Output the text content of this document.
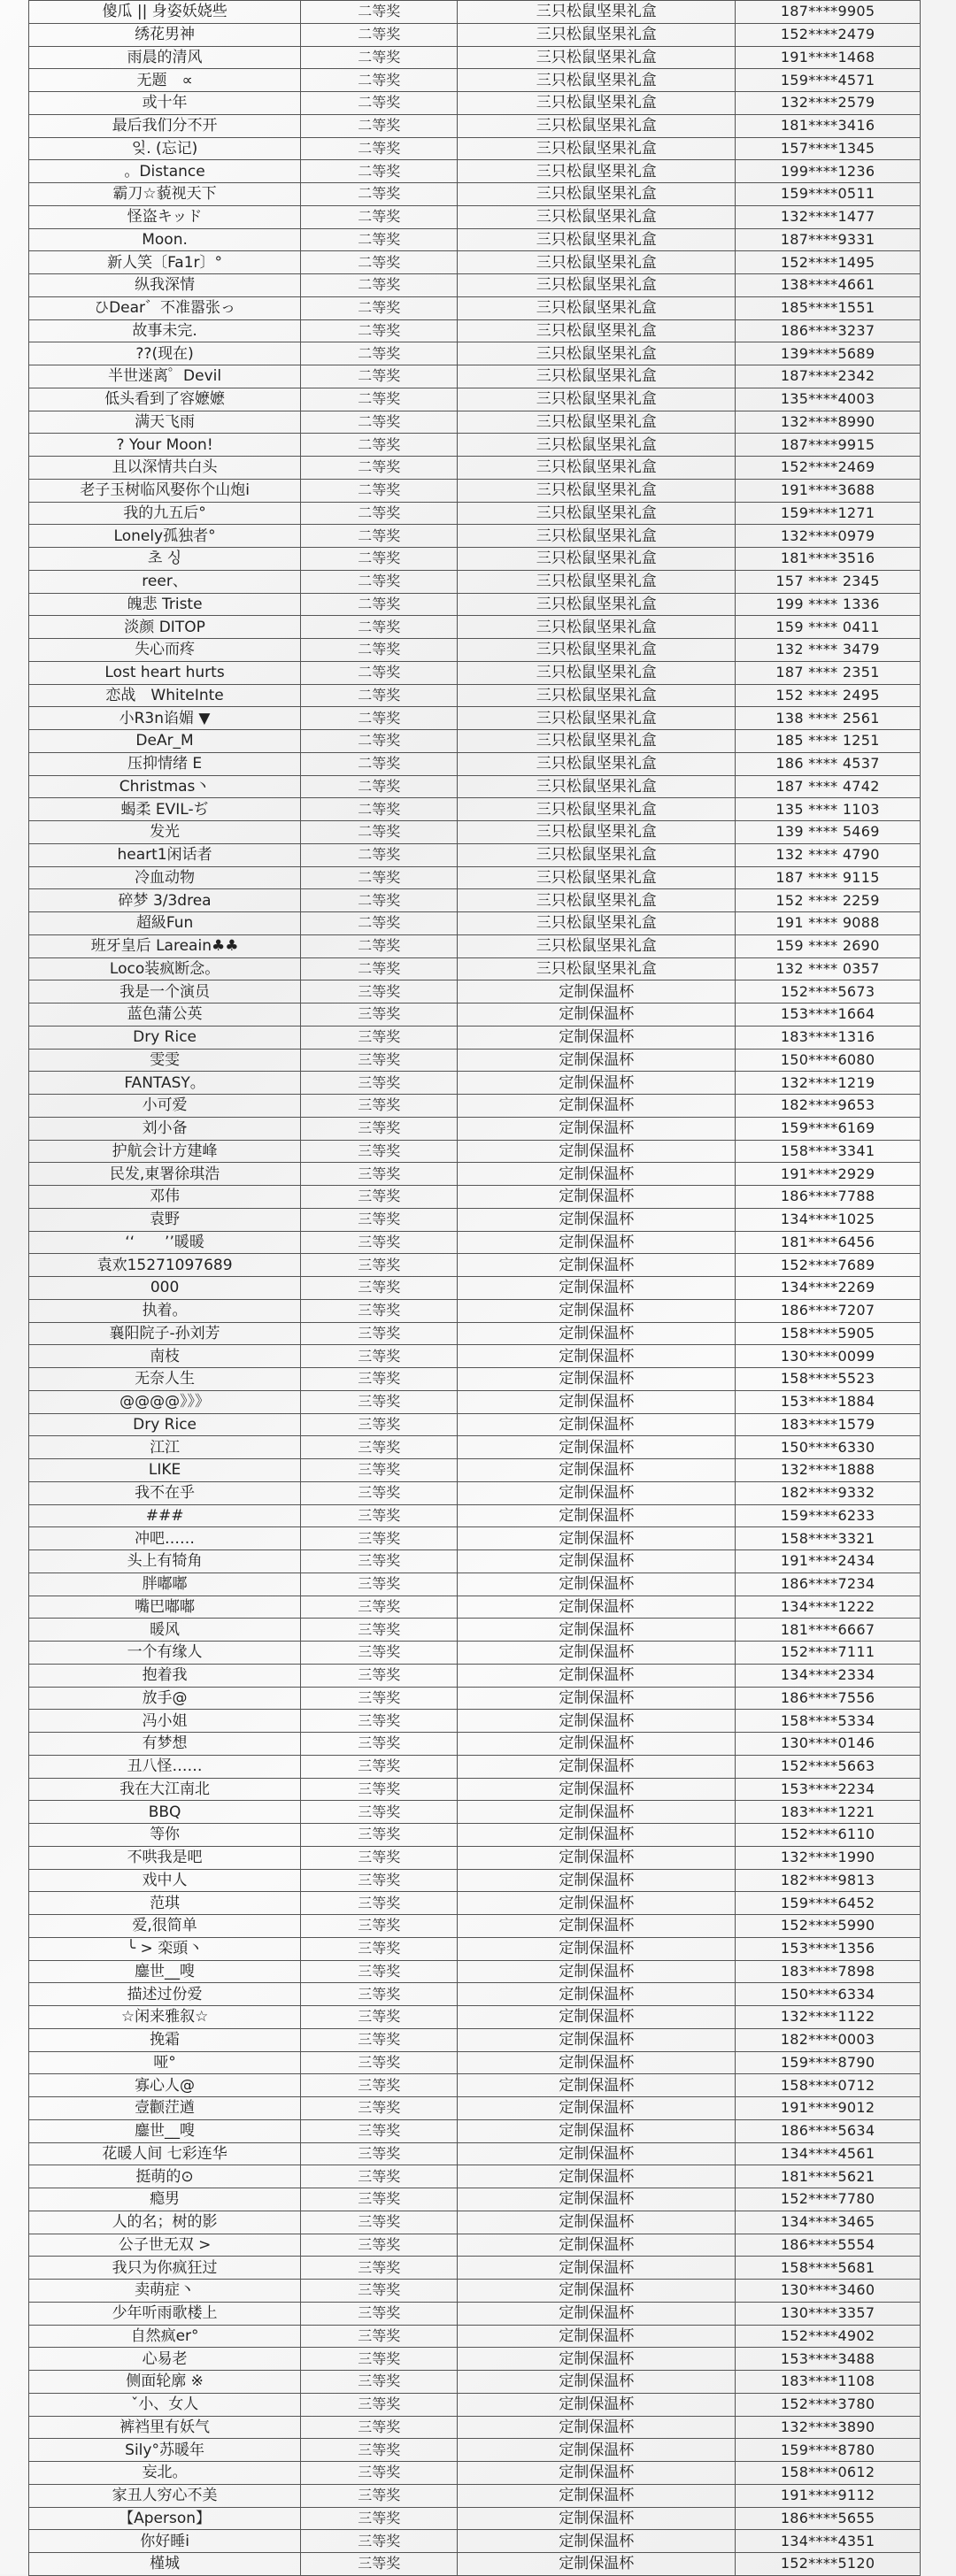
傻瓜 || 身姿妖娆些	二等奖	三只松鼠坚果礼盒	187****9905
绣花男神	二等奖	三只松鼠坚果礼盒	152****2479
雨晨的清风	二等奖	三只松鼠坚果礼盒	191****1468
无题　∝	二等奖	三只松鼠坚果礼盒	159****4571
或十年	二等奖	三只松鼠坚果礼盒	132****2579
最后我们分不开	二等奖	三只松鼠坚果礼盒	181****3416
잊. (忘记)	二等奖	三只松鼠坚果礼盒	157****1345
。Distance	二等奖	三只松鼠坚果礼盒	199****1236
霸刀☆藐视天下	二等奖	三只松鼠坚果礼盒	159****0511
怪盗キッド	二等奖	三只松鼠坚果礼盒	132****1477
Moon.	二等奖	三只松鼠坚果礼盒	187****9331
新人笑〔Fa1r〕°	二等奖	三只松鼠坚果礼盒	152****1495
纵我深情	二等奖	三只松鼠坚果礼盒	138****4661
ひDear゛不准嚣张っ	二等奖	三只松鼠坚果礼盒	185****1551
故事未完.	二等奖	三只松鼠坚果礼盒	186****3237
??(现在)	二等奖	三只松鼠坚果礼盒	139****5689
半世迷离゜Devil	二等奖	三只松鼠坚果礼盒	187****2342
低头看到了容嬷嬷	二等奖	三只松鼠坚果礼盒	135****4003
满天飞雨	二等奖	三只松鼠坚果礼盒	132****8990
? Your Moon!	二等奖	三只松鼠坚果礼盒	187****9915
且以深情共白头	二等奖	三只松鼠坚果礼盒	152****2469
老子玉树临风娶你个山炮i	二等奖	三只松鼠坚果礼盒	191****3688
我的九五后°	二等奖	三只松鼠坚果礼盒	159****1271
Lonely孤独者°	二等奖	三只松鼠坚果礼盒	132****0979
초 싱	二等奖	三只松鼠坚果礼盒	181****3516
reer、	二等奖	三只松鼠坚果礼盒	157 **** 2345
魄悲 Triste	二等奖	三只松鼠坚果礼盒	199 **** 1336
淡颜 DITOP	二等奖	三只松鼠坚果礼盒	159 **** 0411
失心而疼	二等奖	三只松鼠坚果礼盒	132 **** 3479
Lost heart hurts	二等奖	三只松鼠坚果礼盒	187 **** 2351
恋战　WhiteInte	二等奖	三只松鼠坚果礼盒	152 **** 2495
小R3n谄媚 ▼	二等奖	三只松鼠坚果礼盒	138 **** 2561
DeAr_M	二等奖	三只松鼠坚果礼盒	185 **** 1251
压抑情绪 E	二等奖	三只松鼠坚果礼盒	186 **** 4537
Christmas丶	二等奖	三只松鼠坚果礼盒	187 **** 4742
蝎柔 EVIL-ぢ	二等奖	三只松鼠坚果礼盒	135 **** 1103
发光	二等奖	三只松鼠坚果礼盒	139 **** 5469
heart1闲话者	二等奖	三只松鼠坚果礼盒	132 **** 4790
冷血动物	二等奖	三只松鼠坚果礼盒	187 **** 9115
碎梦 3/3drea	二等奖	三只松鼠坚果礼盒	152 **** 2259
超級Fun	二等奖	三只松鼠坚果礼盒	191 **** 9088
班牙皇后 Lareain♣♣	二等奖	三只松鼠坚果礼盒	159 **** 2690
Loco装疯断念。	二等奖	三只松鼠坚果礼盒	132 **** 0357
我是一个演员	三等奖	定制保温杯	152****5673
蓝色蒲公英	三等奖	定制保温杯	153****1664
Dry Rice	三等奖	定制保温杯	183****1316
雯雯	三等奖	定制保温杯	150****6080
FANTASY。	三等奖	定制保温杯	132****1219
小可爱	三等奖	定制保温杯	182****9653
刘小备	三等奖	定制保温杯	159****6169
护航会计方建峰	三等奖	定制保温杯	158****3341
民发,東署徐琪浩	三等奖	定制保温杯	191****2929
邓伟	三等奖	定制保温杯	186****7788
袁野	三等奖	定制保温杯	134****1025
‘‘　　’’暖暖	三等奖	定制保温杯	181****6456
袁欢15271097689	三等奖	定制保温杯	152****7689
000	三等奖	定制保温杯	134****2269
执着。	三等奖	定制保温杯	186****7207
襄阳院子-孙刘芳	三等奖	定制保温杯	158****5905
南枝	三等奖	定制保温杯	130****0099
无奈人生	三等奖	定制保温杯	158****5523
@@@@》》》	三等奖	定制保温杯	153****1884
Dry Rice	三等奖	定制保温杯	183****1579
江江	三等奖	定制保温杯	150****6330
LIKE	三等奖	定制保温杯	132****1888
我不在乎	三等奖	定制保温杯	182****9332
###	三等奖	定制保温杯	159****6233
冲吧……	三等奖	定制保温杯	158****3321
头上有犄角	三等奖	定制保温杯	191****2434
胖嘟嘟	三等奖	定制保温杯	186****7234
嘴巴嘟嘟	三等奖	定制保温杯	134****1222
暖风	三等奖	定制保温杯	181****6667
一个有缘人	三等奖	定制保温杯	152****7111
抱着我	三等奖	定制保温杯	134****2334
放手@	三等奖	定制保温杯	186****7556
冯小姐	三等奖	定制保温杯	158****5334
有梦想	三等奖	定制保温杯	130****0146
丑八怪……	三等奖	定制保温杯	152****5663
我在大江南北	三等奖	定制保温杯	153****2234
BBQ	三等奖	定制保温杯	183****1221
等你	三等奖	定制保温杯	152****6110
不哄我是吧	三等奖	定制保温杯	132****1990
戏中人	三等奖	定制保温杯	182****9813
范琪	三等奖	定制保温杯	159****6452
爱,很简单	三等奖	定制保温杯	152****5990
╰ > 栾頭丶	三等奖	定制保温杯	153****1356
鏖世__嗖	三等奖	定制保温杯	183****7898
描述过份爱	三等奖	定制保温杯	150****6334
☆闲来雅叙☆	三等奖	定制保温杯	132****1122
挽霜	三等奖	定制保温杯	182****0003
哑°	三等奖	定制保温杯	159****8790
寡心人@	三等奖	定制保温杯	158****0712
壹颧茳遒	三等奖	定制保温杯	191****9012
鏖世__嗖	三等奖	定制保温杯	186****5634
花暖人间 七彩连华	三等奖	定制保温杯	134****4561
挺萌的⊙	三等奖	定制保温杯	181****5621
瘾男	三等奖	定制保温杯	152****7780
人的名；树的影	三等奖	定制保温杯	134****3465
公子世无双 >	三等奖	定制保温杯	186****5554
我只为你疯狂过	三等奖	定制保温杯	158****5681
卖萌症丶	三等奖	定制保温杯	130****3460
少年听雨歌楼上	三等奖	定制保温杯	130****3357
自然疯er°	三等奖	定制保温杯	152****4902
心易老	三等奖	定制保温杯	153****3488
侧面轮廓 ※	三等奖	定制保温杯	183****1108
ˇ小、女人	三等奖	定制保温杯	152****3780
裤裆里有妖气	三等奖	定制保温杯	132****3890
Sily°苏暖年	三等奖	定制保温杯	159****8780
妄北。	三等奖	定制保温杯	158****0612
家丑人穷心不美	三等奖	定制保温杯	191****9112
【Aperson】	三等奖	定制保温杯	186****5655
你好睡i	三等奖	定制保温杯	134****4351
槿城	三等奖	定制保温杯	152****5120
